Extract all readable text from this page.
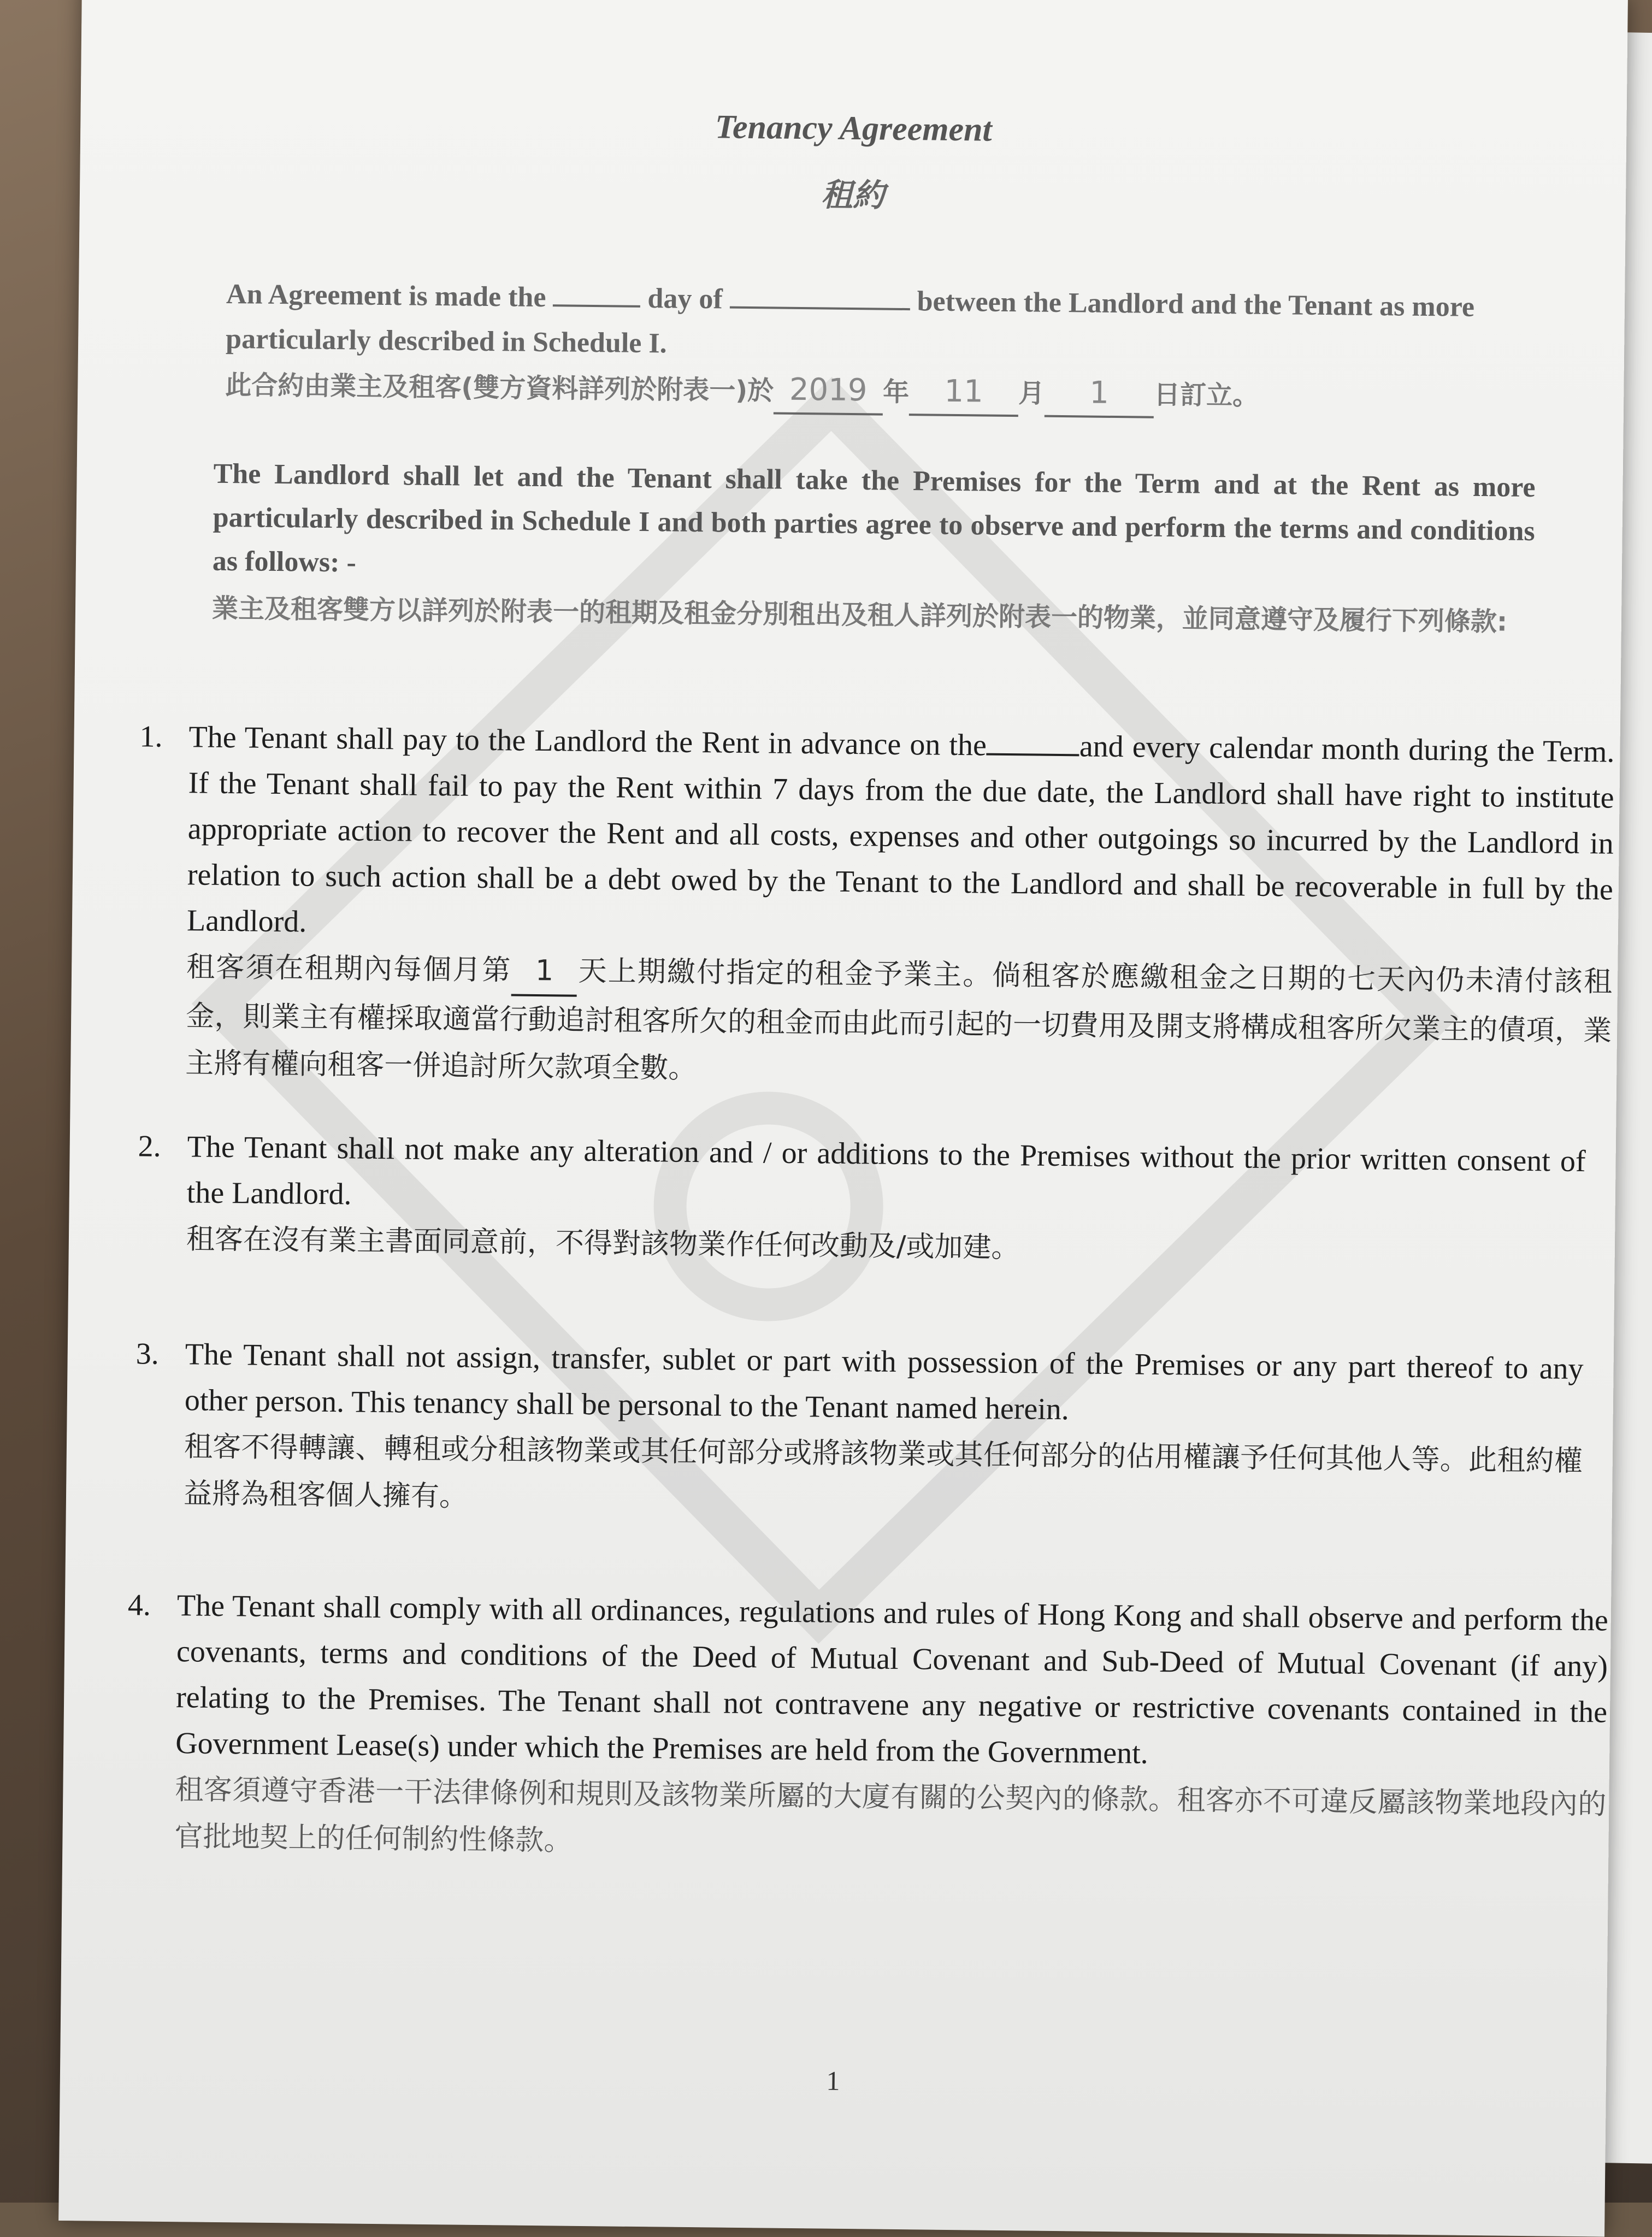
Tenancy Agreement
租約
An Agreement is made the	day of	between the Landlord and the Tenant as more particularly described in Schedule I.
此合約由業主及租客(雙方資料詳列於附表一)於 2019 年 11 月 1 日訂立。
The Landlord shall let and the Tenant shall take the Premises for the Term and at the Rent as more particularly described in Schedule I and both parties agree to observe and perform the terms and conditions as follows: -
業主及租客雙方以詳列於附表一的租期及租金分別租出及租人詳列於附表一的物業，並同意遵守及履行下列條款:
1. The Tenant shall pay to the Landlord the Rent in advance on the	and every calendar month during the Term. If the Tenant shall fail to pay the Rent within 7 days from the due date, the Landlord shall have right to institute appropriate action to recover the Rent and all costs, expenses and other outgoings so incurred by the Landlord in relation to such action shall be a debt owed by the Tenant to the Landlord and shall be recoverable in full by the Landlord.
租客須在租期內每個月第 1 天上期繳付指定的租金予業主。倘租客於應繳租金之日期的七天內仍未清付該租金，則業主有權採取適當行動追討租客所欠的租金而由此而引起的一切費用及開支將構成租客所欠業主的債項，業主將有權向租客一併追討所欠款項全數。
2. The Tenant shall not make any alteration and / or additions to the Premises without the prior written consent of the Landlord.
租客在沒有業主書面同意前，不得對該物業作任何改動及/或加建。
3. The Tenant shall not assign, transfer, sublet or part with possession of the Premises or any part thereof to any other person. This tenancy shall be personal to the Tenant named herein.
租客不得轉讓、轉租或分租該物業或其任何部分或將該物業或其任何部分的佔用權讓予任何其他人等。此租約權益將為租客個人擁有。
4. The Tenant shall comply with all ordinances, regulations and rules of Hong Kong and shall observe and perform the covenants, terms and conditions of the Deed of Mutual Covenant and Sub-Deed of Mutual Covenant (if any) relating to the Premises. The Tenant shall not contravene any negative or restrictive covenants contained in the Government Lease(s) under which the Premises are held from the Government.
租客須遵守香港一干法律條例和規則及該物業所屬的大廈有關的公契內的條款。租客亦不可違反屬該物業地段內的官批地契上的任何制約性條款。
1
